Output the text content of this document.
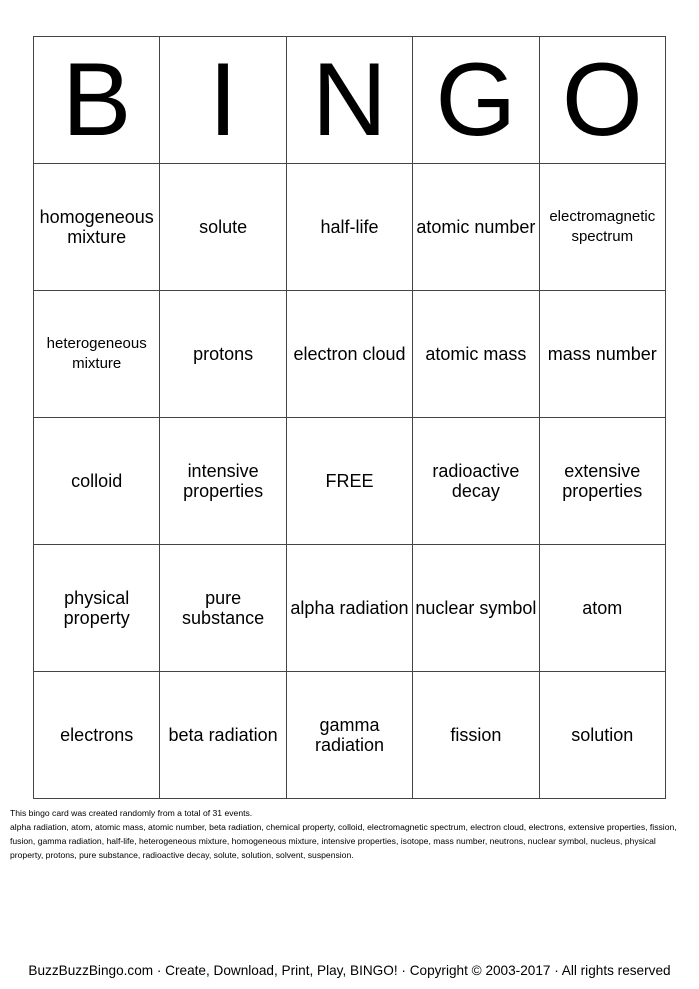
B	I	N	G	O
homogeneous mixture	solute	half-life	atomic number	electromagnetic spectrum
heterogeneous mixture	protons	electron cloud	atomic mass	mass number
colloid	intensive properties	FREE	radioactive decay	extensive properties
physical property	pure substance	alpha radiation	nuclear symbol	atom
electrons	beta radiation	gamma radiation	fission	solution

This bingo card was created randomly from a total of 31 events.

alpha radiation, atom, atomic mass, atomic number, beta radiation, chemical property, colloid, electromagnetic spectrum, electron cloud, electrons, extensive properties, fission, fusion, gamma radiation, half-life, heterogeneous mixture, homogeneous mixture, intensive properties, isotope, mass number, neutrons, nuclear symbol, nucleus, physical property, protons, pure substance, radioactive decay, solute, solution, solvent, suspension.

BuzzBuzzBingo.com · Create, Download, Print, Play, BINGO! · Copyright © 2003-2017 · All rights reserved
